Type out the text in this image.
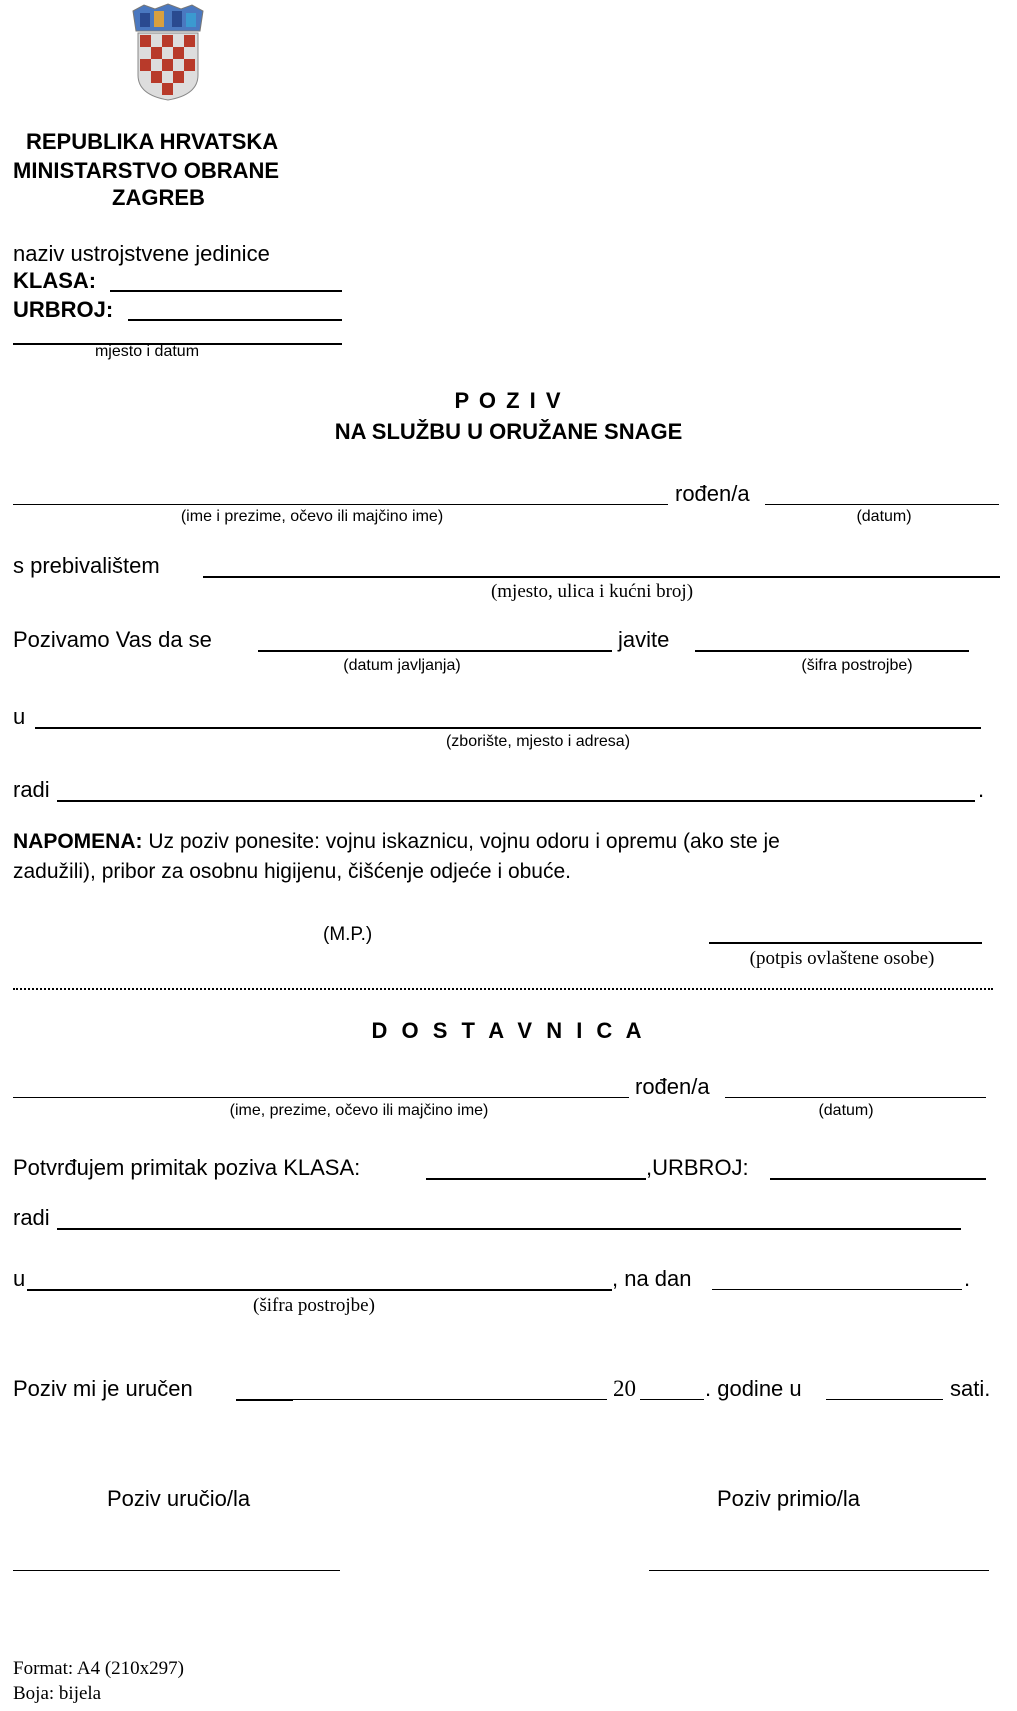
REPUBLIKA HRVATSKA
MINISTARSTVO OBRANE
ZAGREB
naziv ustrojstvene jedinice
KLASA:
URBROJ:
mjesto i datum
P O Z I V
NA SLUŽBU U ORUŽANE SNAGE
rođen/a
(ime i prezime, očevo ili majčino ime)	(datum)
s prebivalištem
(mjesto, ulica i kućni broj)
Pozivamo Vas da se	javite
(datum javljanja)	(šifra postrojbe)
u
(zborište, mjesto i adresa)
radi	.
NAPOMENA: Uz poziv ponesite: vojnu iskaznicu, vojnu odoru i opremu (ako ste je
zadužili), pribor za osobnu higijenu, čišćenje odjeće i obuće.
(M.P.)
(potpis ovlaštene osobe)
D O S T A V N I C A
rođen/a
(ime, prezime, očevo ili majčino ime)	(datum)
Potvrđujem primitak poziva KLASA:	,URBROJ:
radi
u	, na dan	.
(šifra postrojbe)
Poziv mi je uručen	20	. godine u	sati.
Poziv uručio/la	Poziv primio/la
Format: A4 (210x297)
Boja: bijela
